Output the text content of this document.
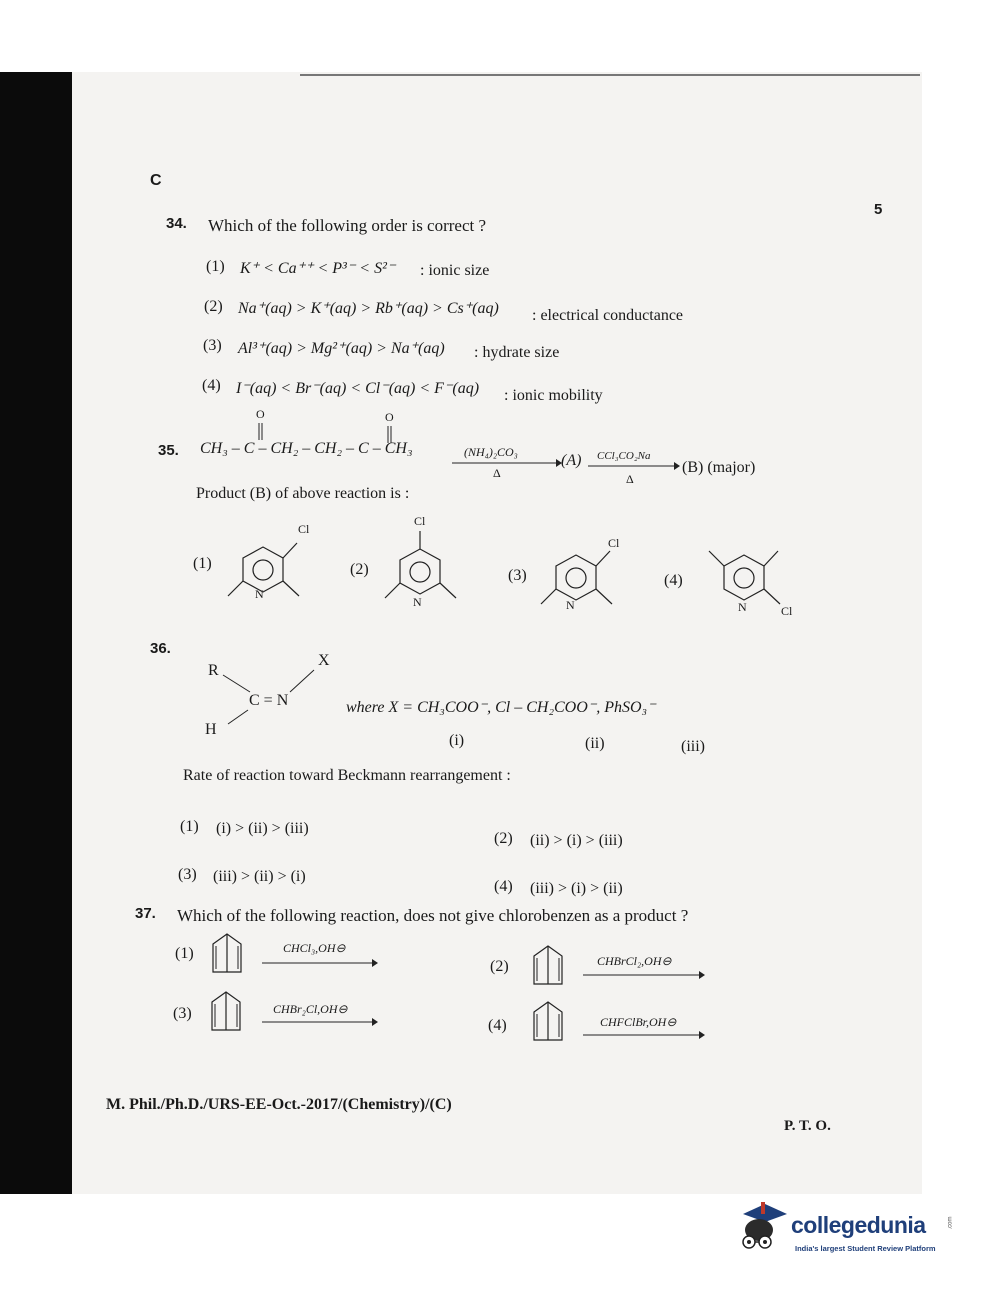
C
5
34. Which of the following order is correct ?
(1) K⁺ < Ca⁺⁺ < P³⁻ < S²⁻ : ionic size
(2) Na⁺(aq) > K⁺(aq) > Rb⁺(aq) > Cs⁺(aq) : electrical conductance
(3) Al³⁺(aq) > Mg²⁺(aq) > Na⁺(aq) : hydrate size
(4) I⁻(aq) < Br⁻(aq) < Cl⁻(aq) < F⁻(aq) : ionic mobility
35.
O	O
CH₃ – C – CH₂ – CH₂ – C – CH₃	(NH₄)₂CO₃
Δ
(A) CCl₃CO₂Na
Δ
(B) (major)
Product (B) of above reaction is :
(1)	(2)	(3)	(4)
N
Cl
N
Cl
N
Cl
N	Cl
36.
R
X
C = N
H
where X = CH₃COO⁻, Cl – CH₂COO⁻, PhSO₃⁻
(i)	(ii)	(iii)
Rate of reaction toward Beckmann rearrangement :
(1) (i) > (ii) > (iii)
(2) (ii) > (i) > (iii)
(3) (iii) > (ii) > (i)
(4) (iii) > (i) > (ii)
37. Which of the following reaction, does not give chlorobenzen as a product ?
(1)	CHCl₃,OH⊖
(2)	CHBrCl₂,OH⊖
(3)	CHBr₂Cl,OH⊖
(4)	CHFClBr,OH⊖
M. Phil./Ph.D./URS-EE-Oct.-2017/(Chemistry)/(C)
P. T. O.
collegedunia	.com
India's largest Student Review Platform
